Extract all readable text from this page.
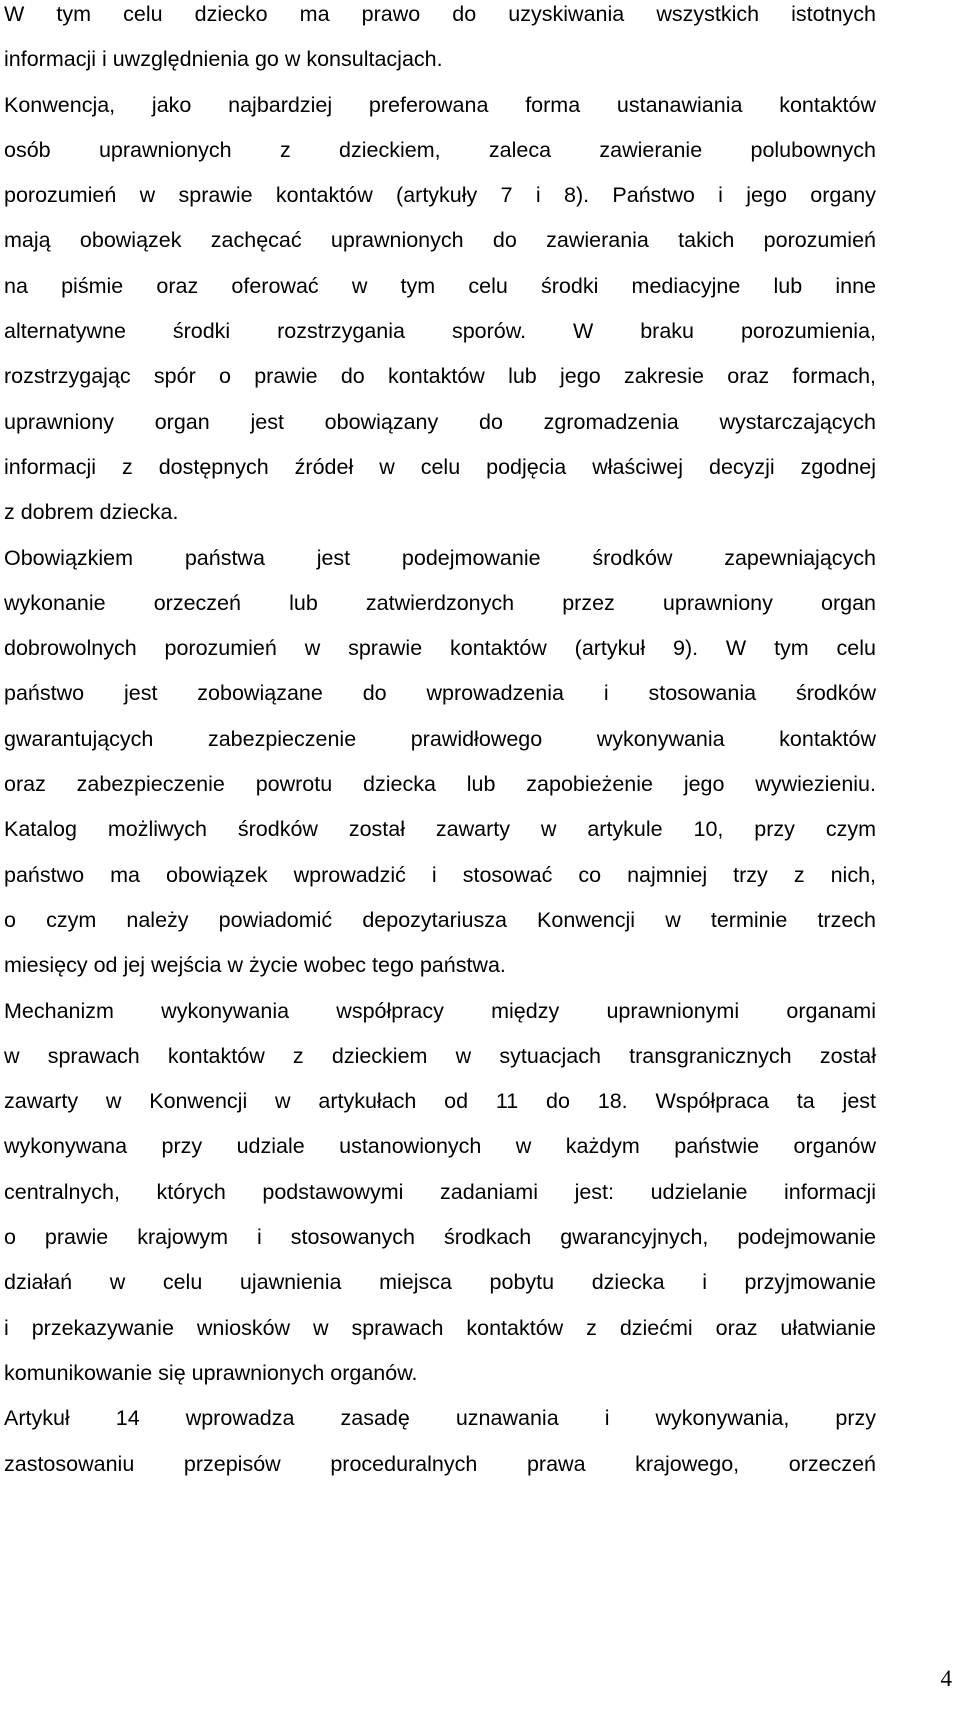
W tym celu dziecko ma prawo do uzyskiwania wszystkich istotnych
informacji i uwzględnienia go w konsultacjach.
Konwencja, jako najbardziej preferowana forma ustanawiania kontaktów
osób uprawnionych z dzieckiem, zaleca zawieranie polubownych
porozumień w sprawie kontaktów (artykuły 7 i 8). Państwo i jego organy
mają obowiązek zachęcać uprawnionych do zawierania takich porozumień
na piśmie oraz oferować w tym celu środki mediacyjne lub inne
alternatywne środki rozstrzygania sporów. W braku porozumienia,
rozstrzygając spór o prawie do kontaktów lub jego zakresie oraz formach,
uprawniony organ jest obowiązany do zgromadzenia wystarczających
informacji z dostępnych źródeł w celu podjęcia właściwej decyzji zgodnej
z dobrem dziecka.
Obowiązkiem państwa jest podejmowanie środków zapewniających
wykonanie orzeczeń lub zatwierdzonych przez uprawniony organ
dobrowolnych porozumień w sprawie kontaktów (artykuł 9). W tym celu
państwo jest zobowiązane do wprowadzenia i stosowania środków
gwarantujących zabezpieczenie prawidłowego wykonywania kontaktów
oraz zabezpieczenie powrotu dziecka lub zapobieżenie jego wywiezieniu.
Katalog możliwych środków został zawarty w artykule 10, przy czym
państwo ma obowiązek wprowadzić i stosować co najmniej trzy z nich,
o czym należy powiadomić depozytariusza Konwencji w terminie trzech
miesięcy od jej wejścia w życie wobec tego państwa.
Mechanizm wykonywania współpracy między uprawnionymi organami
w sprawach kontaktów z dzieckiem w sytuacjach transgranicznych został
zawarty w Konwencji w artykułach od 11 do 18. Współpraca ta jest
wykonywana przy udziale ustanowionych w każdym państwie organów
centralnych, których podstawowymi zadaniami jest: udzielanie informacji
o prawie krajowym i stosowanych środkach gwarancyjnych, podejmowanie
działań w celu ujawnienia miejsca pobytu dziecka i przyjmowanie
i przekazywanie wniosków w sprawach kontaktów z dziećmi oraz ułatwianie
komunikowanie się uprawnionych organów.
Artykuł 14 wprowadza zasadę uznawania i wykonywania, przy
zastosowaniu przepisów proceduralnych prawa krajowego, orzeczeń
4
